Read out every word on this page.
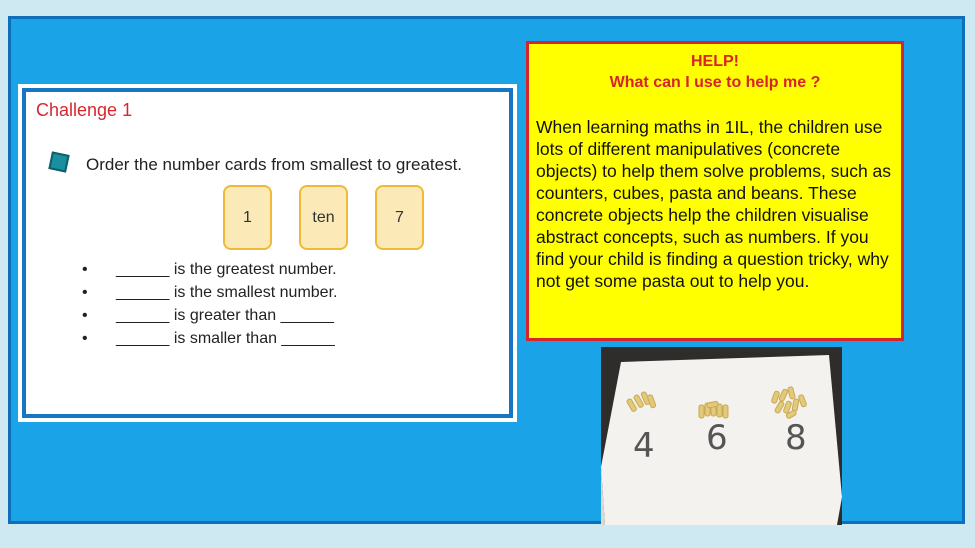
Challenge 1
Order the number cards from smallest to greatest.
1	ten	7
• ______ is the greatest number.
• ______ is the smallest number.
• ______ is greater than ______
• ______ is smaller than ______
HELP!
What can I use to help me ?
When learning maths in 1IL, the children use lots of different manipulatives (concrete objects) to help them solve problems, such as counters, cubes, pasta and beans. These concrete objects help the children visualise abstract concepts, such as numbers. If you find your child is finding a question tricky, why not get some pasta out to help you.
4 6 8
